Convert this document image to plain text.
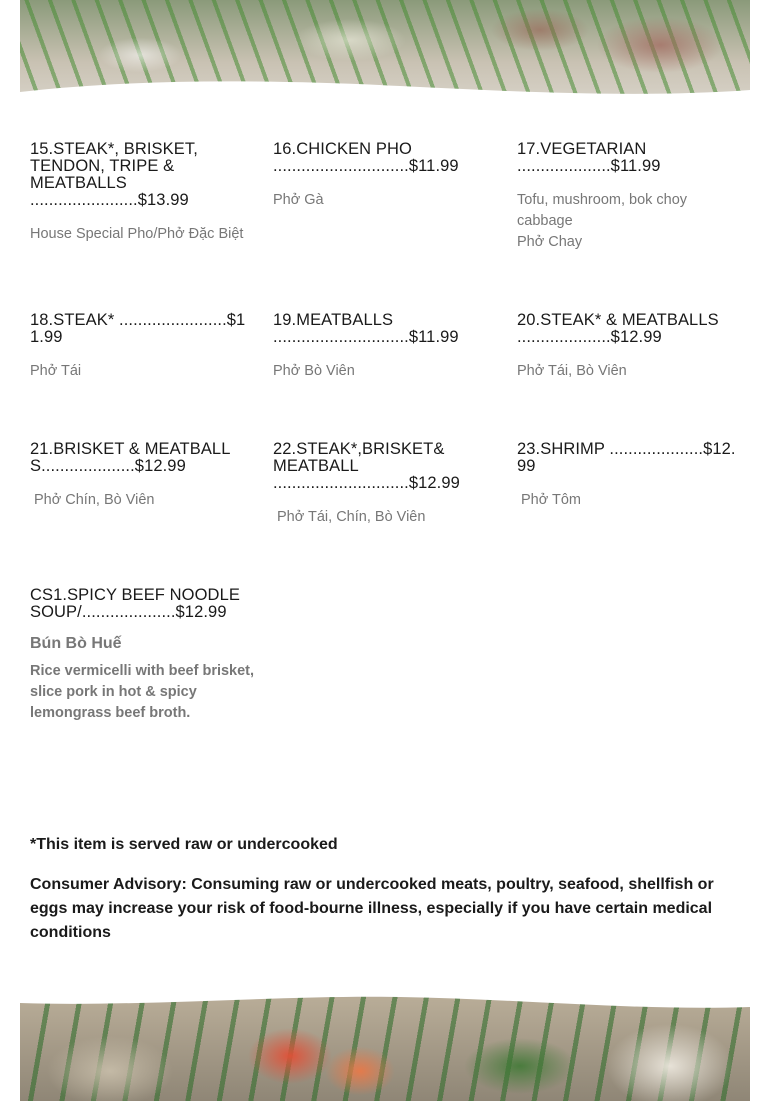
15.STEAK*, BRISKET, TENDON, TRIPE & MEATBALLS .......................$13.99
House Special Pho/Phở Đặc Biệt
16.CHICKEN PHO .............................$11.99
Phở Gà
17.VEGETARIAN ....................$11.99
Tofu, mushroom, bok choy cabbage
Phở Chay
18.STEAK* .......................$11.99
Phở Tái
19.MEATBALLS .............................$11.99
Phở Bò Viên
20.STEAK* & MEATBALLS ....................$12.99
Phở Tái, Bò Viên
21.BRISKET & MEATBALLS....................$12.99
Phở Chín, Bò Viên
22.STEAK*,BRISKET& MEATBALL .............................$12.99
Phở Tái, Chín, Bò Viên
23.SHRIMP ....................$12.99
Phở Tôm
CS1.SPICY BEEF NOODLE SOUP/....................$12.99
Bún Bò Huế
Rice vermicelli with beef brisket, slice pork in hot & spicy lemongrass beef broth.
*This item is served raw or undercooked
Consumer Advisory: Consuming raw or undercooked meats, poultry, seafood, shellfish or eggs may increase your risk of food-bourne illness, especially if you have certain medical conditions
